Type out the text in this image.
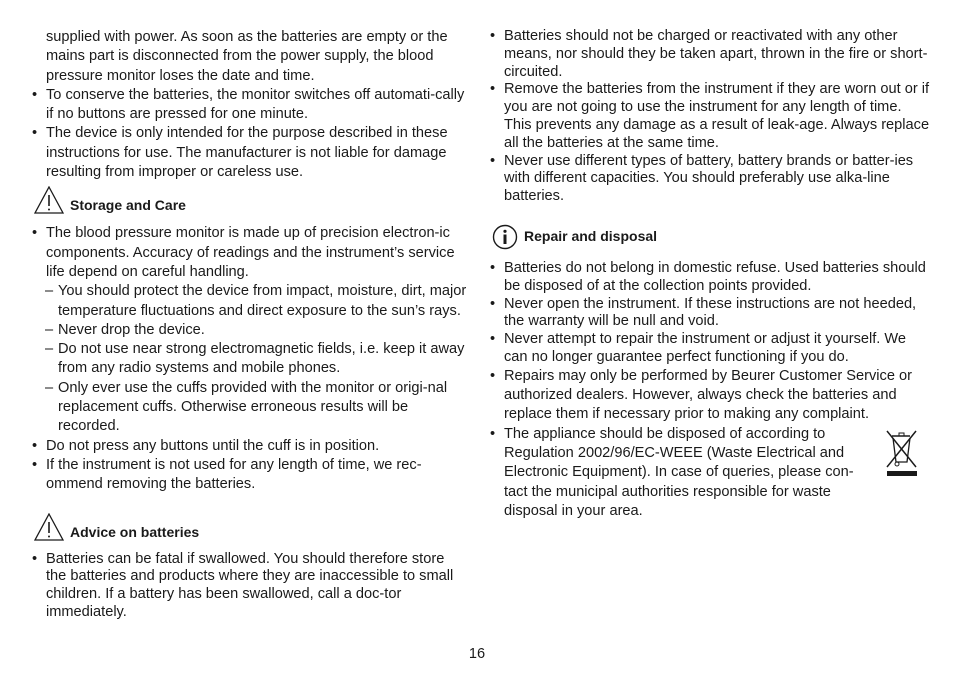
supplied with power. As soon as the batteries are empty or the mains part is disconnected from the power supply, the blood pressure monitor loses the date and time.

• To conserve the batteries, the monitor switches off automati-cally if no buttons are pressed for one minute.

• The device is only intended for the purpose described in these instructions for use. The manufacturer is not liable for damage resulting from improper or careless use.

Storage and Care

• The blood pressure monitor is made up of precision electron-ic components. Accuracy of readings and the instrument’s service life depend on careful handling.

– You should protect the device from impact, moisture, dirt, major temperature fluctuations and direct exposure to the sun’s rays.

– Never drop the device.

– Do not use near strong electromagnetic fields, i.e. keep it away from any radio systems and mobile phones.

– Only ever use the cuffs provided with the monitor or origi-nal replacement cuffs. Otherwise erroneous results will be recorded.

• Do not press any buttons until the cuff is in position.

• If the instrument is not used for any length of time, we rec-ommend removing the batteries.

Advice on batteries

• Batteries can be fatal if swallowed. You should therefore store the batteries and products where they are inaccessible to small children. If a battery has been swallowed, call a doc-tor immediately.

• Batteries should not be charged or reactivated with any other means, nor should they be taken apart, thrown in the fire or short-circuited.

• Remove the batteries from the instrument if they are worn out or if you are not going to use the instrument for any length of time. This prevents any damage as a result of leak-age. Always replace all the batteries at the same time.

• Never use different types of battery, battery brands or batter-ies with different capacities. You should preferably use alka-line batteries.

Repair and disposal

• Batteries do not belong in domestic refuse. Used batteries should be disposed of at the collection points provided.

• Never open the instrument. If these instructions are not heeded, the warranty will be null and void.

• Never attempt to repair the instrument or adjust it yourself. We can no longer guarantee perfect functioning if you do.

• Repairs may only be performed by Beurer Customer Service or authorized dealers. However, always check the batteries and replace them if necessary prior to making any complaint.

• The appliance should be disposed of according to Regulation 2002/96/EC-WEEE (Waste Electrical and Electronic Equipment). In case of queries, please con-tact the municipal authorities responsible for waste disposal in your area.

16
